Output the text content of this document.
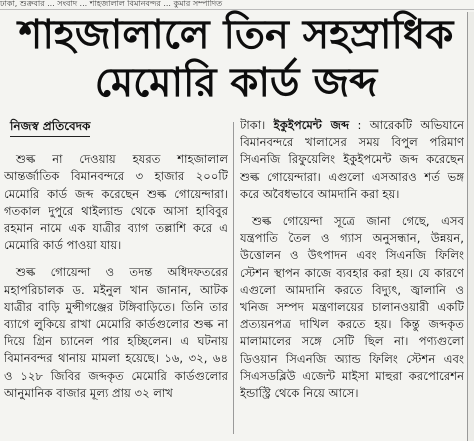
ঢাকা, শুক্রবার ... সংবাদ ... শাহজালাল বিমানবন্দর ... কুমার সম্পাদিত
শাহজালালে তিন সহস্রাধিক
মেমোরি কার্ড জব্দ
নিজস্ব প্রতিবেদক

শুল্ক না দেওয়ায় হযরত শাহজালাল আন্তর্জাতিক বিমানবন্দরে ৩ হাজার ২০০টি মেমোরি কার্ড জব্দ করেছেন শুল্ক গোয়েন্দারা। গতকাল দুপুরে থাইল্যান্ড থেকে আসা হাবিবুর রহমান নামে এক যাত্রীর ব্যাগ তল্লাশি করে এ মেমোরি কার্ড পাওয়া যায়।

শুল্ক গোয়েন্দা ও তদন্ত অধিদফতরের মহাপরিচালক ড. মইনুল খান জানান, আটক যাত্রীর বাড়ি মুন্সীগঞ্জের টঙ্গিবাড়িতে। তিনি তার ব্যাগে লুকিয়ে রাখা মেমোরি কার্ডগুলোর শুল্ক না দিয়ে গ্রিন চ্যানেল পার হচ্ছিলেন। এ ঘটনায় বিমানবন্দর থানায় মামলা হয়েছে। ১৬, ৩২, ৬৪ ও ১২৮ জিবির জব্দকৃত মেমোরি কার্ডগুলোর আনুমানিক বাজার মূল্য প্রায় ৩২ লাখ

টাকা। ইকুইপমেন্ট জব্দ : আরেকটি অভিযানে বিমানবন্দরে খালাসের সময় বিপুল পরিমাণ সিএনজি রিফুয়েলিং ইকুইপমেন্ট জব্দ করেছেন শুল্ক গোয়েন্দারা। এগুলো এসআরও শর্ত ভঙ্গ করে অবৈধভাবে আমদানি করা হয়।

শুল্ক গোয়েন্দা সূত্রে জানা গেছে, এসব যন্ত্রপাতি তৈল ও গ্যাস অনুসন্ধান, উন্নয়ন, উত্তোলন ও উৎপাদন এবং সিএনজি ফিলিং স্টেশন স্থাপন কাজে ব্যবহার করা হয়। যে কারণে এগুলো আমদানি করতে বিদ্যুৎ, জ্বালানি ও খনিজ সম্পদ মন্ত্রণালয়ের চালানওয়ারী একটি প্রত্যয়নপত্র দাখিল করতে হয়। কিন্তু জব্দকৃত মালামালের সঙ্গে সেটি ছিল না। পণ্যগুলো ডিওয়ান সিএনজি অ্যান্ড ফিলিং স্টেশন এবং সিএসডব্লিউ এজেন্ট মাইসা মাহুরা করপোরেশন ইন্ডাস্ট্রি থেকে নিয়ে আসে।
